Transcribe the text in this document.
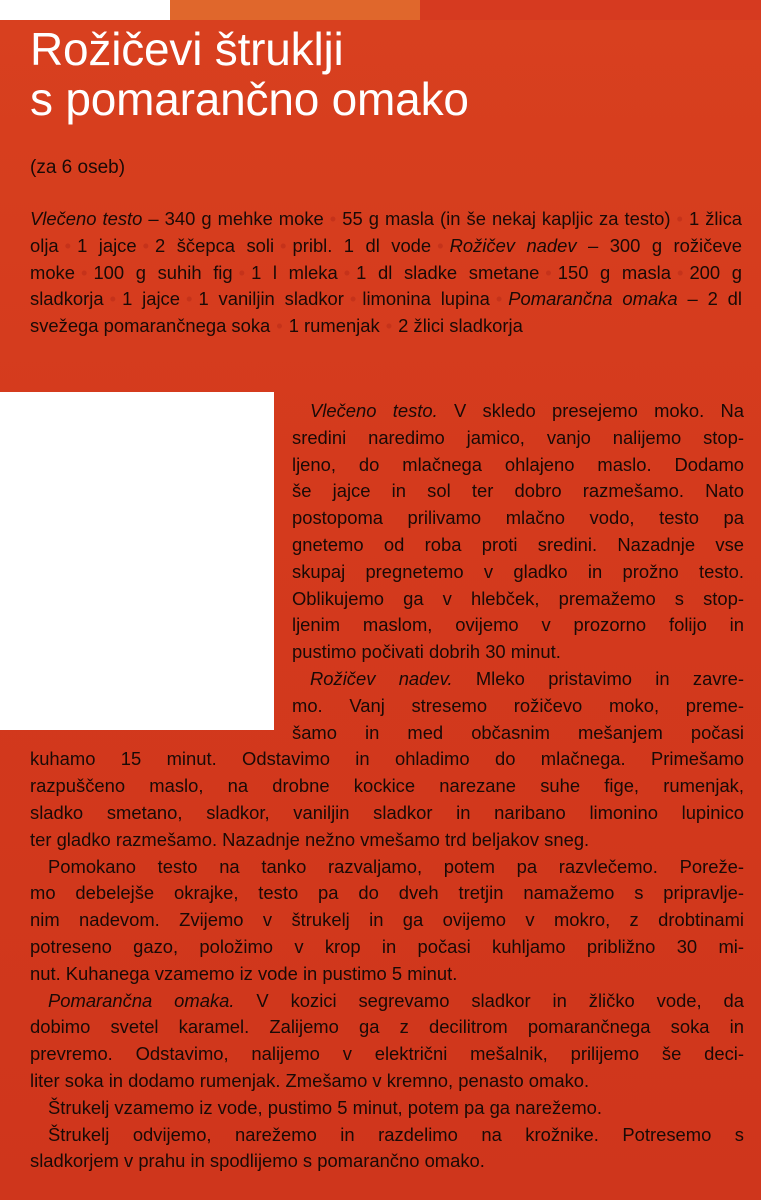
Rožičevi štruklji
s pomarančno omako
(za 6 oseb)
Vlečeno testo – 340 g mehke moke • 55 g masla (in še nekaj kapljic za testo) • 1 žlica olja • 1 jajce • 2 ščepca soli • pribl. 1 dl vode • Rožičev nadev – 300 g rožičeve moke • 100 g suhih fig • 1 l mleka • 1 dl sladke smetane • 150 g masla • 200 g sladkorja • 1 jajce • 1 vaniljin sladkor • limonina lupina • Pomarančna omaka – 2 dl svežega pomarančnega soka • 1 rumenjak • 2 žlici sladkorja
Vlečeno testo. V skledo presejemo moko. Na
sredini naredimo jamico, vanjo nalijemo stop-
ljeno, do mlačnega ohlajeno maslo. Dodamo
še jajce in sol ter dobro razmešamo. Nato
postopoma prilivamo mlačno vodo, testo pa
gnetemo od roba proti sredini. Nazadnje vse
skupaj pregnetemo v gladko in prožno testo.
Oblikujemo ga v hlebček, premažemo s stop-
ljenim maslom, ovijemo v prozorno folijo in
pustimo počivati dobrih 30 minut.
Rožičev nadev. Mleko pristavimo in zavre-
mo. Vanj stresemo rožičevo moko, preme-
šamo in med občasnim mešanjem počasi
kuhamo 15 minut. Odstavimo in ohladimo do mlačnega. Primešamo
razpuščeno maslo, na drobne kockice narezane suhe fige, rumenjak,
sladko smetano, sladkor, vaniljin sladkor in naribano limonino lupinico
ter gladko razmešamo. Nazadnje nežno vmešamo trd beljakov sneg.
Pomokano testo na tanko razvaljamo, potem pa razvlečemo. Poreže-
mo debelejše okrajke, testo pa do dveh tretjin namažemo s pripravlje-
nim nadevom. Zvijemo v štrukelj in ga ovijemo v mokro, z drobtinami
potreseno gazo, položimo v krop in počasi kuhljamo približno 30 mi-
nut. Kuhanega vzamemo iz vode in pustimo 5 minut.
Pomarančna omaka. V kozici segrevamo sladkor in žličko vode, da
dobimo svetel karamel. Zalijemo ga z decilitrom pomarančnega soka in
prevremo. Odstavimo, nalijemo v električni mešalnik, prilijemo še deci-
liter soka in dodamo rumenjak. Zmešamo v kremno, penasto omako.
Štrukelj vzamemo iz vode, pustimo 5 minut, potem pa ga narežemo.
Štrukelj odvijemo, narežemo in razdelimo na krožnike. Potresemo s
sladkorjem v prahu in spodlijemo s pomarančno omako.
